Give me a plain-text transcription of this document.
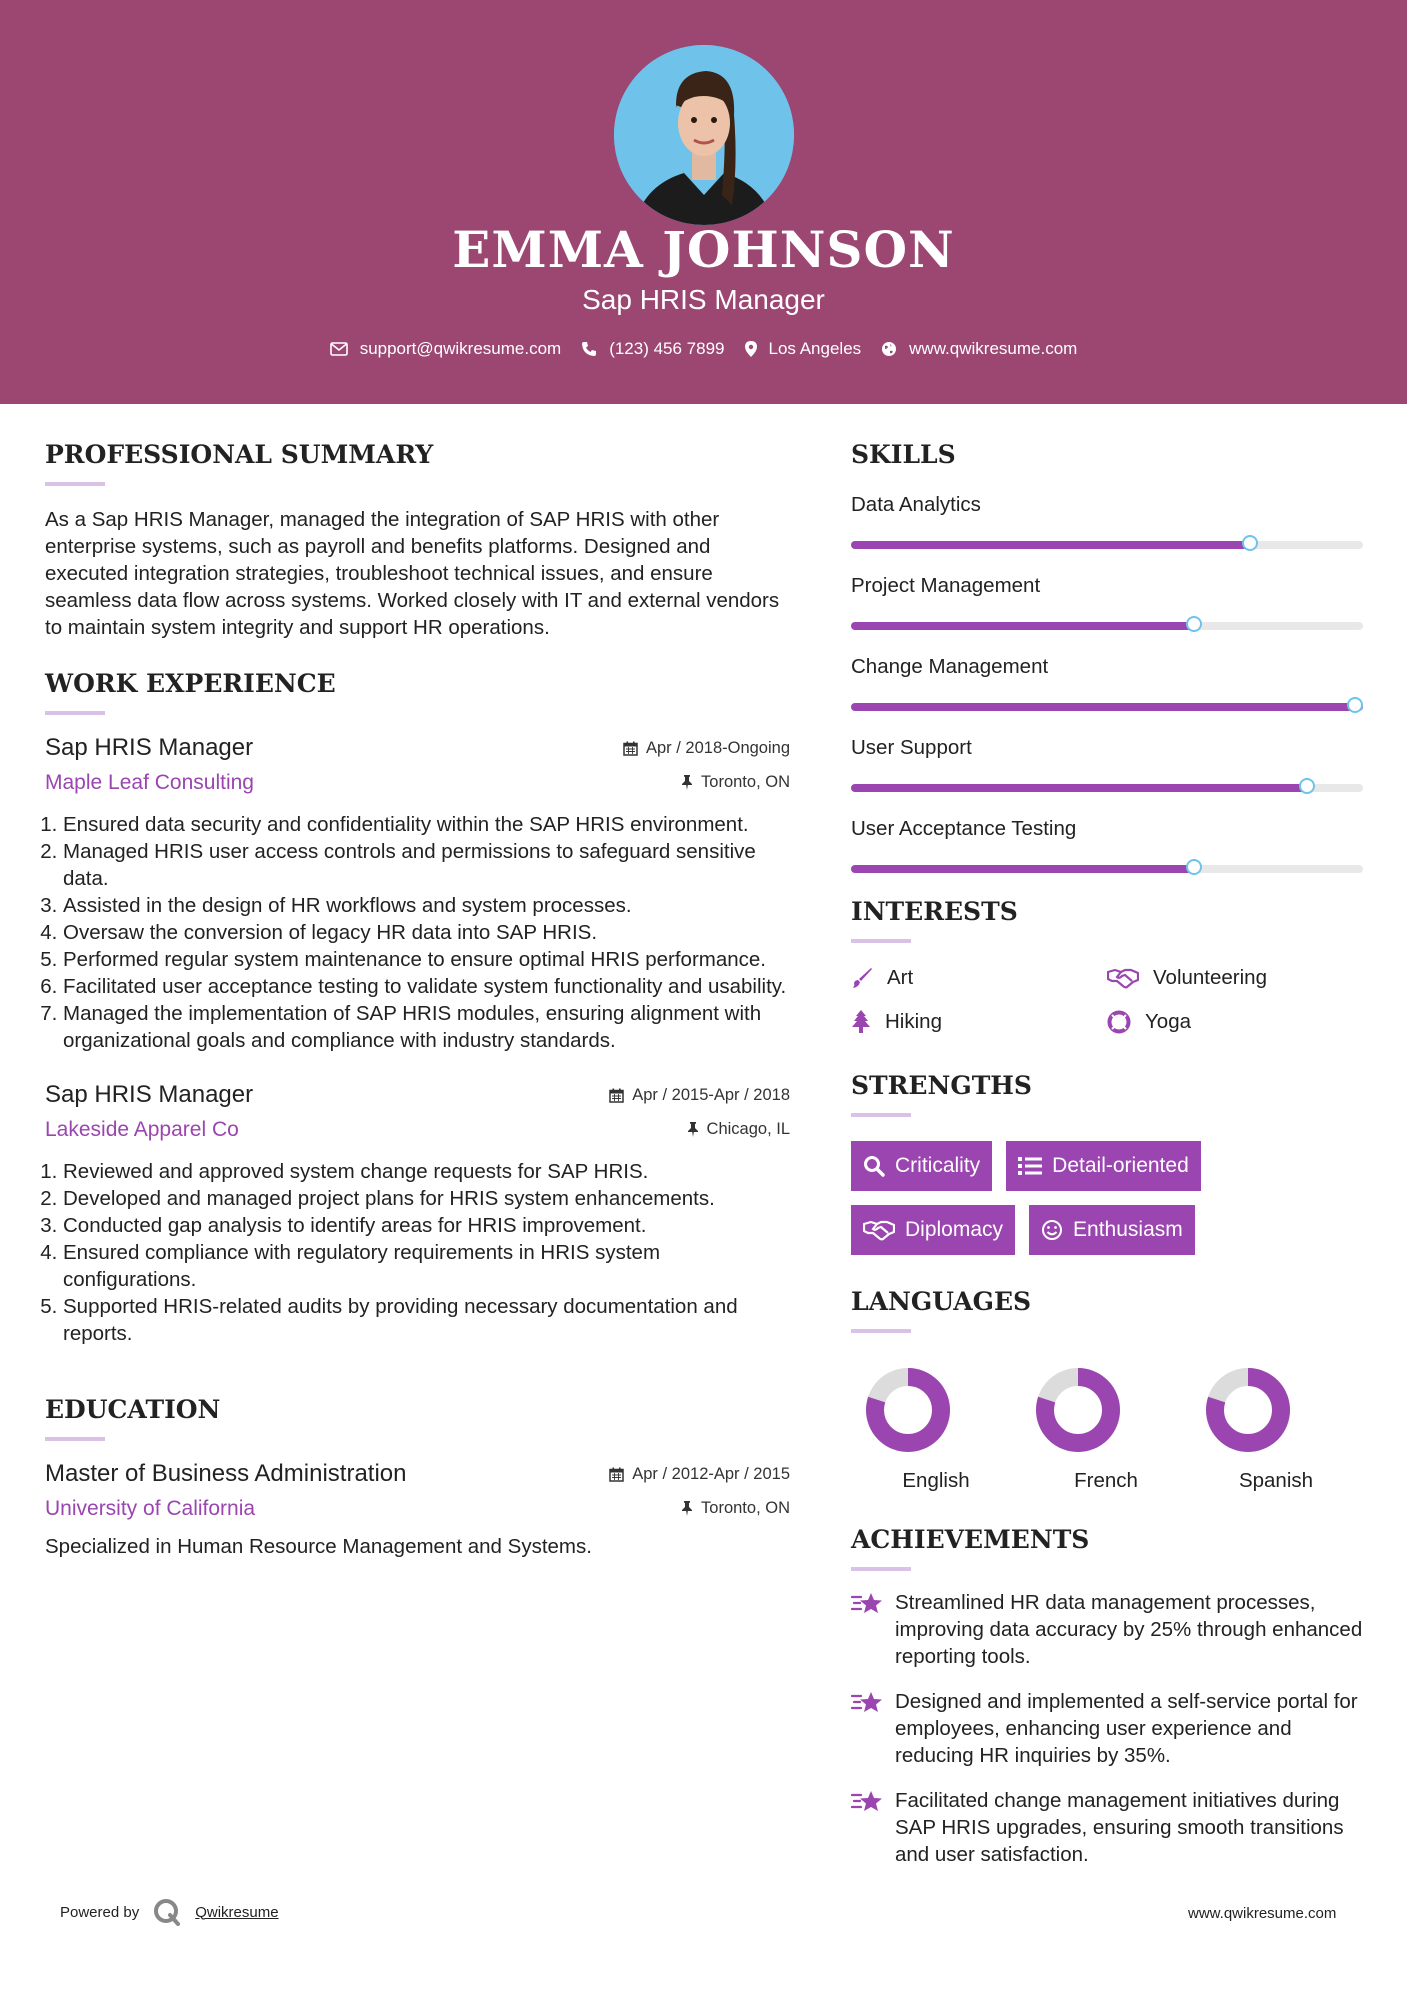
EMMA JOHNSON
Sap HRIS Manager
support@qwikresume.com	(123) 456 7899	Los Angeles	www.qwikresume.com
PROFESSIONAL SUMMARY
As a Sap HRIS Manager, managed the integration of SAP HRIS with other enterprise systems, such as payroll and benefits platforms. Designed and executed integration strategies, troubleshoot technical issues, and ensure seamless data flow across systems. Worked closely with IT and external vendors to maintain system integrity and support HR operations.
WORK EXPERIENCE
Sap HRIS Manager	Apr / 2018-Ongoing
Maple Leaf Consulting	Toronto, ON
1. Ensured data security and confidentiality within the SAP HRIS environment.
2. Managed HRIS user access controls and permissions to safeguard sensitive data.
3. Assisted in the design of HR workflows and system processes.
4. Oversaw the conversion of legacy HR data into SAP HRIS.
5. Performed regular system maintenance to ensure optimal HRIS performance.
6. Facilitated user acceptance testing to validate system functionality and usability.
7. Managed the implementation of SAP HRIS modules, ensuring alignment with organizational goals and compliance with industry standards.
Sap HRIS Manager	Apr / 2015-Apr / 2018
Lakeside Apparel Co	Chicago, IL
1. Reviewed and approved system change requests for SAP HRIS.
2. Developed and managed project plans for HRIS system enhancements.
3. Conducted gap analysis to identify areas for HRIS improvement.
4. Ensured compliance with regulatory requirements in HRIS system configurations.
5. Supported HRIS-related audits by providing necessary documentation and reports.
EDUCATION
Master of Business Administration	Apr / 2012-Apr / 2015
University of California	Toronto, ON
Specialized in Human Resource Management and Systems.
SKILLS
Data Analytics
Project Management
Change Management
User Support
User Acceptance Testing
INTERESTS
Art	Volunteering
Hiking	Yoga
STRENGTHS
Criticality	Detail-oriented
Diplomacy	Enthusiasm
LANGUAGES
English	French	Spanish
ACHIEVEMENTS
Streamlined HR data management processes, improving data accuracy by 25% through enhanced reporting tools.
Designed and implemented a self-service portal for employees, enhancing user experience and reducing HR inquiries by 35%.
Facilitated change management initiatives during SAP HRIS upgrades, ensuring smooth transitions and user satisfaction.
Powered by	Qwikresume	www.qwikresume.com
